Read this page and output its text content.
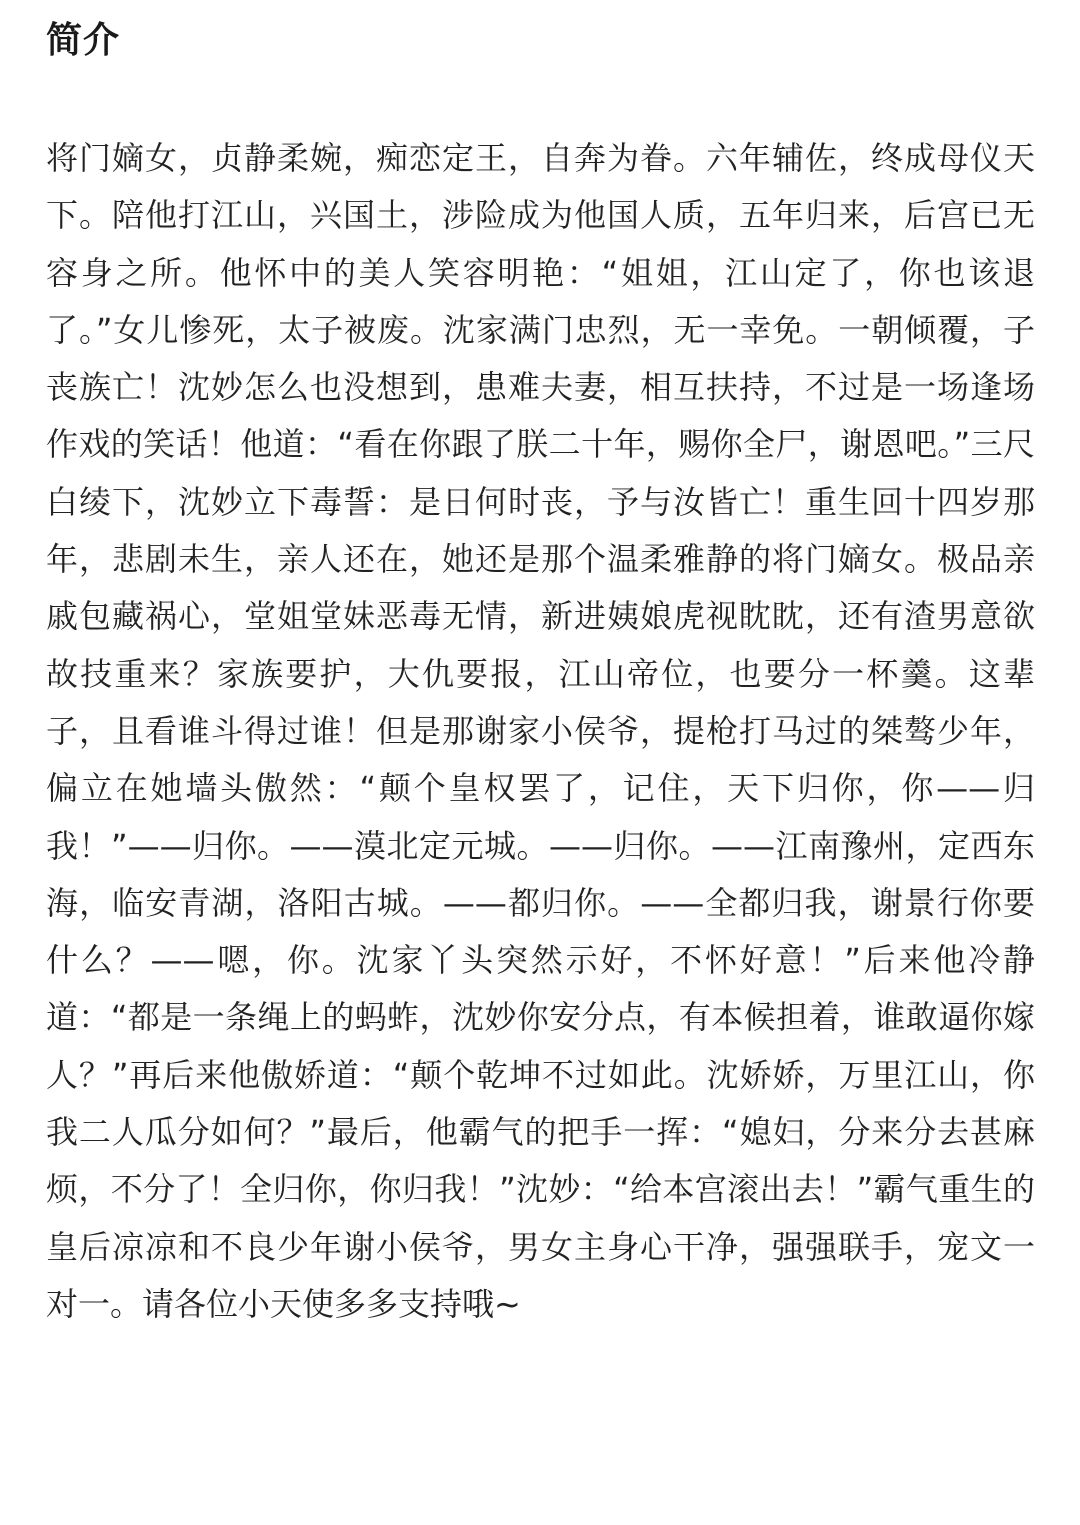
简介

将门嫡女，贞静柔婉，痴恋定王，自奔为眷。六年辅佐，终成母仪天下。陪他打江山，兴国土，涉险成为他国人质，五年归来，后宫已无容身之所。他怀中的美人笑容明艳：“姐姐，江山定了，你也该退了。”女儿惨死，太子被废。沈家满门忠烈，无一幸免。一朝倾覆，子丧族亡！沈妙怎么也没想到，患难夫妻，相互扶持，不过是一场逢场作戏的笑话！他道：“看在你跟了朕二十年，赐你全尸，谢恩吧。”三尺白绫下，沈妙立下毒誓：是日何时丧，予与汝皆亡！重生回十四岁那年，悲剧未生，亲人还在，她还是那个温柔雅静的将门嫡女。极品亲戚包藏祸心，堂姐堂妹恶毒无情，新进姨娘虎视眈眈，还有渣男意欲故技重来？家族要护，大仇要报，江山帝位，也要分一杯羹。这辈子，且看谁斗得过谁！但是那谢家小侯爷，提枪打马过的桀骜少年，偏立在她墙头傲然：“颠个皇权罢了，记住，天下归你，你——归我！”——归你。——漠北定元城。——归你。——江南豫州，定西东海，临安青湖，洛阳古城。——都归你。——全都归我，谢景行你要什么？——嗯，你。沈家丫头突然示好，不怀好意！”后来他冷静道：“都是一条绳上的蚂蚱，沈妙你安分点，有本候担着，谁敢逼你嫁人？”再后来他傲娇道：“颠个乾坤不过如此。沈娇娇，万里江山，你我二人瓜分如何？”最后，他霸气的把手一挥：“媳妇，分来分去甚麻烦，不分了！全归你，你归我！”沈妙：“给本宫滚出去！”霸气重生的皇后凉凉和不良少年谢小侯爷，男女主身心干净，强强联手，宠文一对一。请各位小天使多多支持哦~
